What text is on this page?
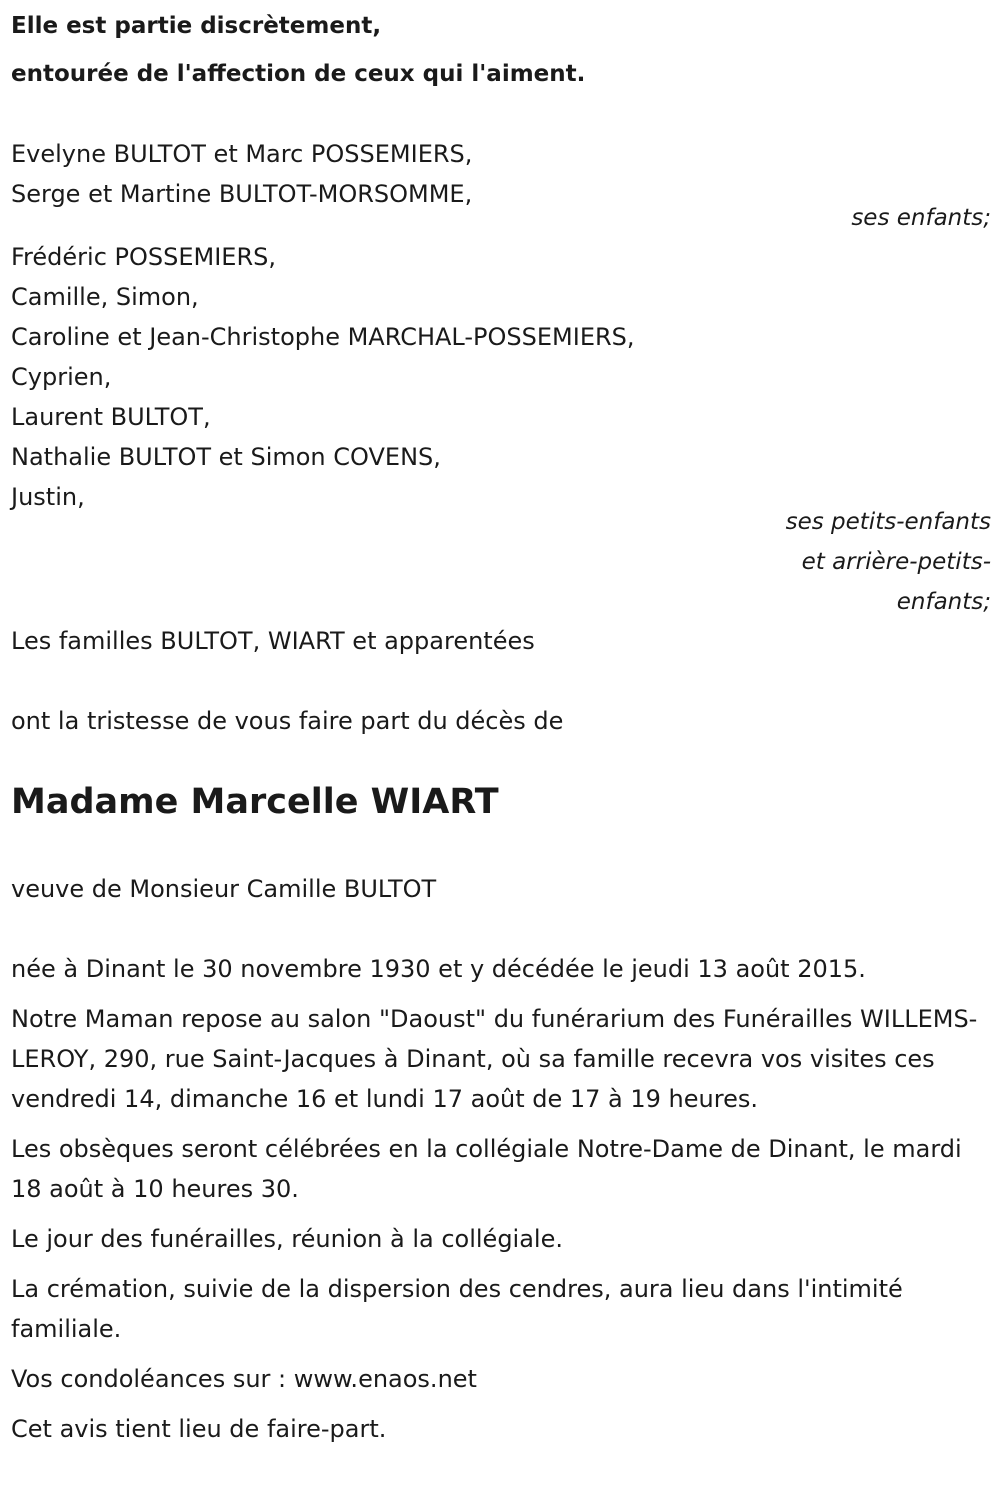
Elle est partie discrètement,
entourée de l'affection de ceux qui l'aiment.
Evelyne BULTOT et Marc POSSEMIERS,
Serge et Martine BULTOT-MORSOMME,
ses enfants;
Frédéric POSSEMIERS,
Camille, Simon,
Caroline et Jean-Christophe MARCHAL-POSSEMIERS,
Cyprien,
Laurent BULTOT,
Nathalie BULTOT et Simon COVENS,
Justin,
ses petits-enfants
et arrière-petits-
enfants;
Les familles BULTOT, WIART et apparentées
ont la tristesse de vous faire part du décès de
Madame Marcelle WIART
veuve de Monsieur Camille BULTOT
née à Dinant le 30 novembre 1930 et y décédée le jeudi 13 août 2015.
Notre Maman repose au salon "Daoust" du funérarium des Funérailles WILLEMS-LEROY, 290, rue Saint-Jacques à Dinant, où sa famille recevra vos visites ces vendredi 14, dimanche 16 et lundi 17 août de 17 à 19 heures.
Les obsèques seront célébrées en la collégiale Notre-Dame de Dinant, le mardi 18 août à 10 heures 30.
Le jour des funérailles, réunion à la collégiale.
La crémation, suivie de la dispersion des cendres, aura lieu dans l'intimité familiale.
Vos condoléances sur : www.enaos.net
Cet avis tient lieu de faire-part.
